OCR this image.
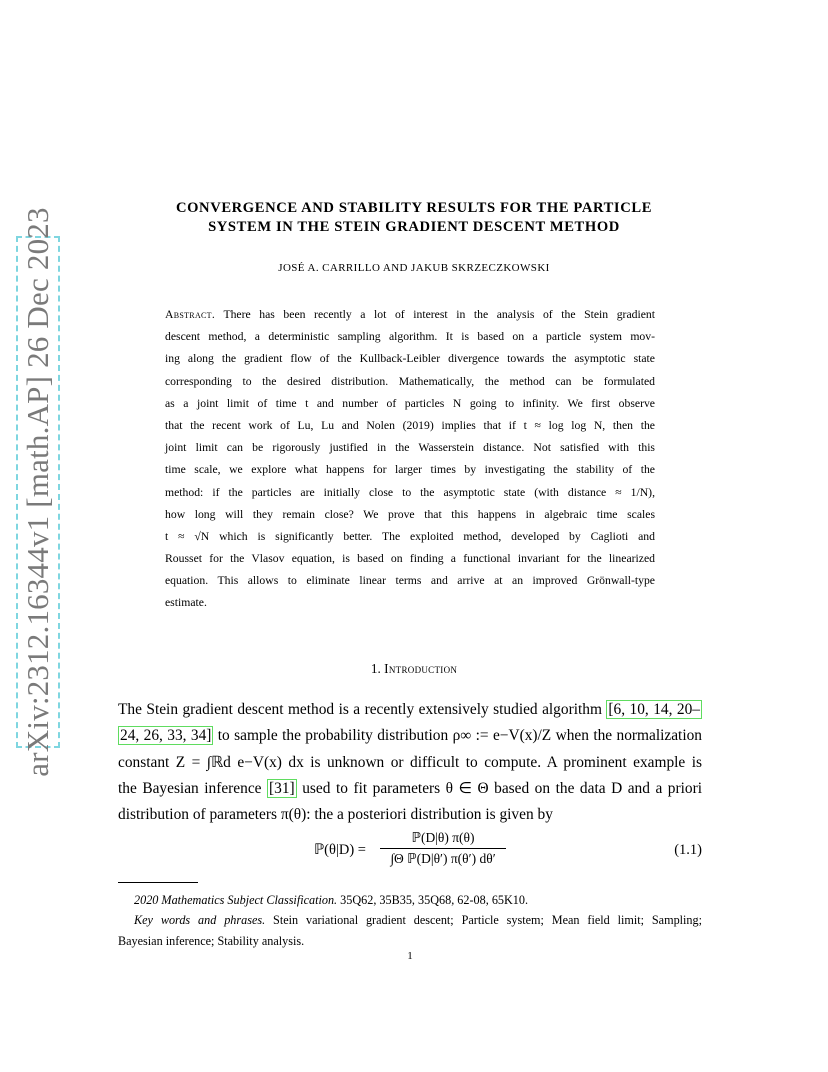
arXiv:2312.16344v1 [math.AP] 26 Dec 2023	CONVERGENCE AND STABILITY RESULTS FOR THE PARTICLE
SYSTEM IN THE STEIN GRADIENT DESCENT METHOD
JOSÉ A. CARRILLO AND JAKUB SKRZECZKOWSKI
Abstract. There has been recently a lot of interest in the analysis of the Stein gradient
descent method, a deterministic sampling algorithm. It is based on a particle system mov-
ing along the gradient flow of the Kullback-Leibler divergence towards the asymptotic state
corresponding to the desired distribution. Mathematically, the method can be formulated
as a joint limit of time t and number of particles N going to infinity. We first observe
that the recent work of Lu, Lu and Nolen (2019) implies that if t ≈ log log N, then the
joint limit can be rigorously justified in the Wasserstein distance. Not satisfied with this
time scale, we explore what happens for larger times by investigating the stability of the
method: if the particles are initially close to the asymptotic state (with distance ≈ 1/N),
how long will they remain close? We prove that this happens in algebraic time scales
t ≈ √N which is significantly better. The exploited method, developed by Caglioti and
Rousset for the Vlasov equation, is based on finding a functional invariant for the linearized
equation. This allows to eliminate linear terms and arrive at an improved Grönwall-type
estimate.
1. Introduction
The Stein gradient descent method is a recently extensively studied algorithm [6, 10, 14, 20–
24, 26, 33, 34] to sample the probability distribution ρ∞ := e−V(x)/Z when the normalization
constant Z = ∫ℝd e−V(x) dx is unknown or difficult to compute. A prominent example is
the Bayesian inference [31] used to fit parameters θ ∈ Θ based on the data D and a priori
distribution of parameters π(θ): the a posteriori distribution is given by
ℙ(θ|D) =
ℙ(D|θ) π(θ)
∫Θ ℙ(D|θ′) π(θ′) dθ′
(1.1)
2020 Mathematics Subject Classification. 35Q62, 35B35, 35Q68, 62-08, 65K10.
Key words and phrases. Stein variational gradient descent; Particle system; Mean field limit; Sampling;
Bayesian inference; Stability analysis.
1
